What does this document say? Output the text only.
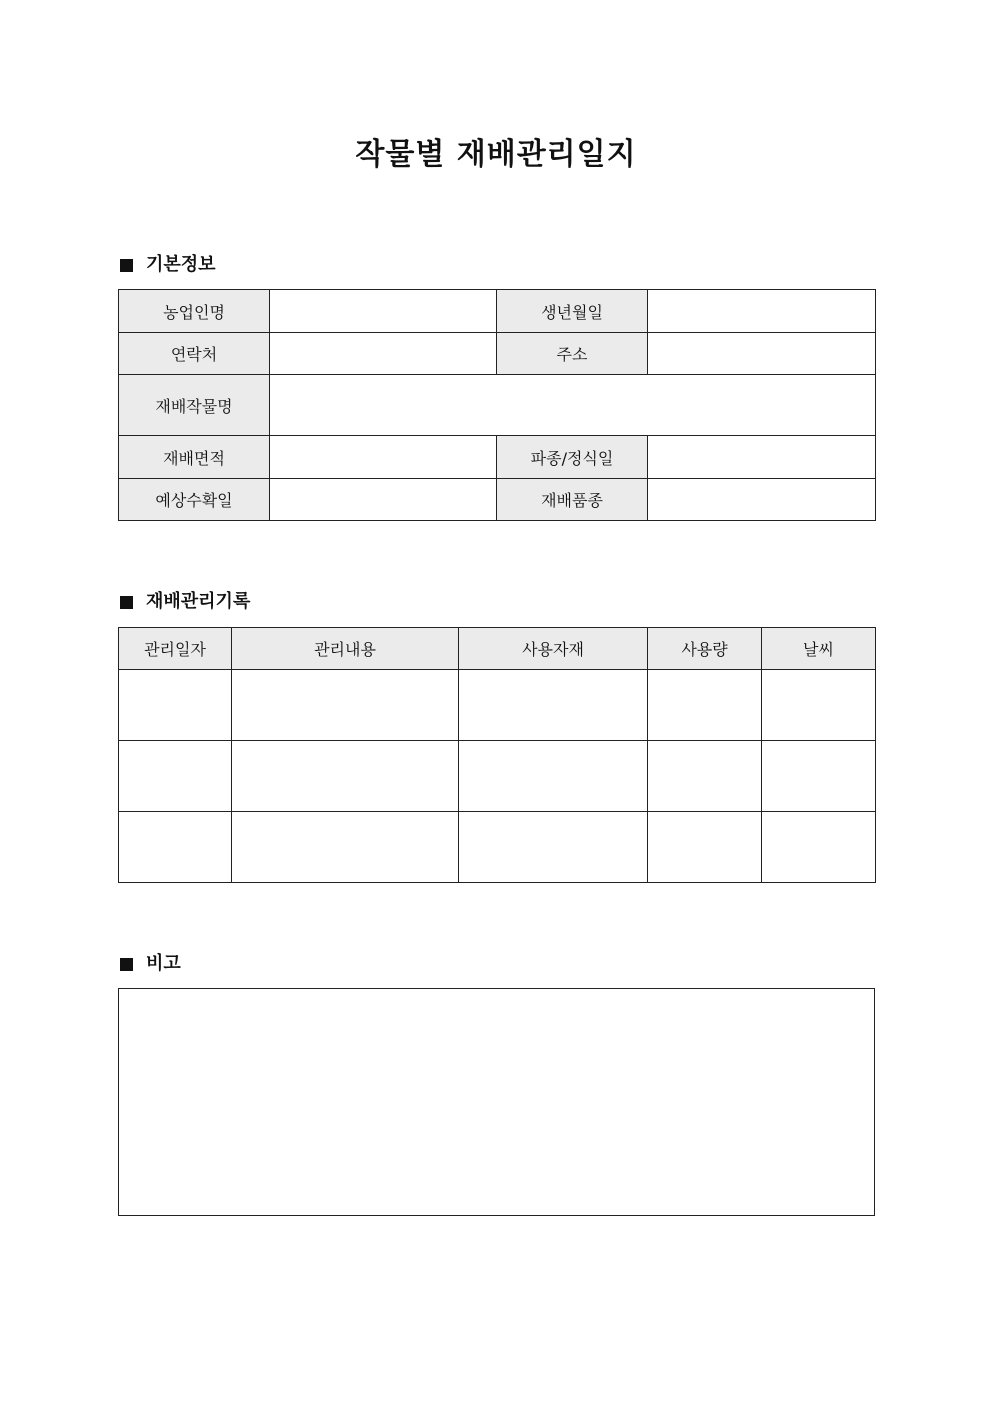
작물별 재배관리일지
기본정보
농업인명		생년월일	
연락처		주소	
재배작물명			
재배면적		파종/정식일	
예상수확일		재배품종	
재배관리기록
관리일자	관리내용	사용자재	사용량	날씨

비고
